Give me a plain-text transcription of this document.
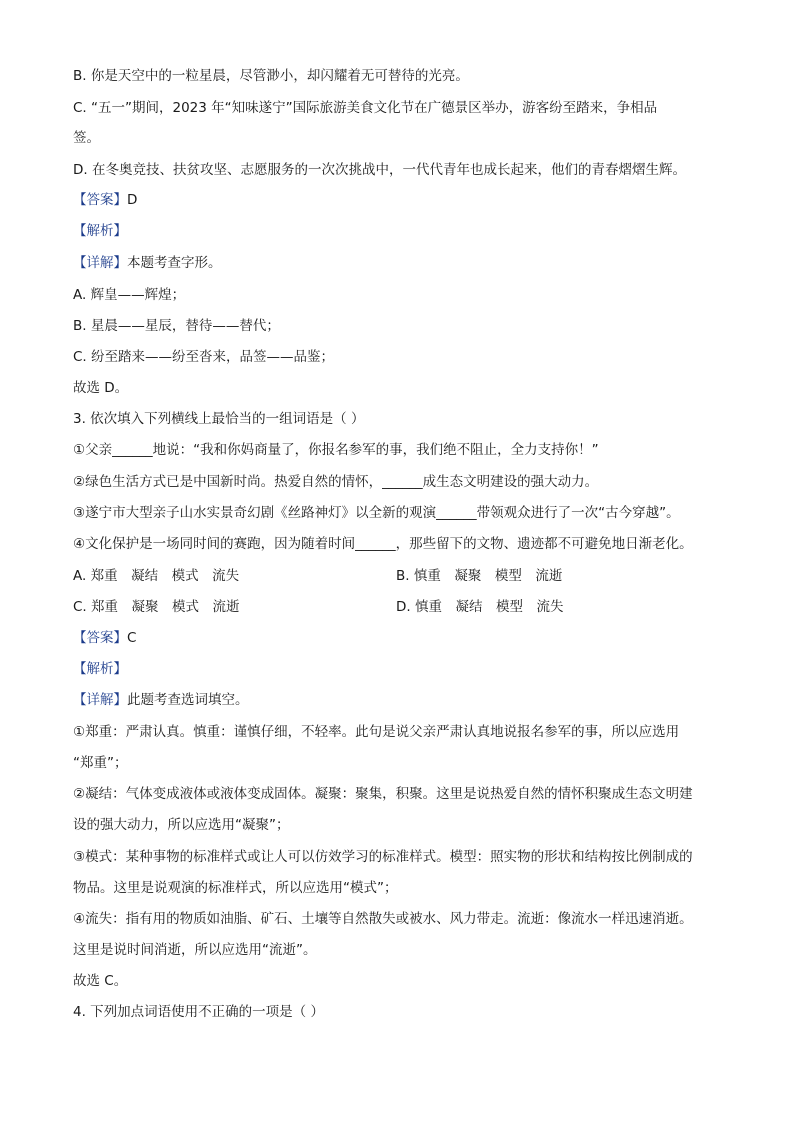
B. 你是天空中的一粒星晨，尽管渺小，却闪耀着无可替待的光亮。
C. “五一”期间，2023 年“知味遂宁”国际旅游美食文化节在广德景区举办，游客纷至踏来，争相品
签。
D. 在冬奥竞技、扶贫攻坚、志愿服务的一次次挑战中，一代代青年也成长起来，他们的青春熠熠生辉。
【答案】D
【解析】
【详解】本题考查字形。
A. 辉皇——辉煌；
B. 星晨——星辰，替待——替代；
C. 纷至踏来——纷至沓来，品签——品鉴；
故选 D。
3. 依次填入下列横线上最恰当的一组词语是（ ）
①父亲______地说：“我和你妈商量了，你报名参军的事，我们绝不阻止，全力支持你！”
②绿色生活方式已是中国新时尚。热爱自然的情怀，______成生态文明建设的强大动力。
③遂宁市大型亲子山水实景奇幻剧《丝路神灯》以全新的观演______带领观众进行了一次“古今穿越”。
④文化保护是一场同时间的赛跑，因为随着时间______，那些留下的文物、遗迹都不可避免地日渐老化。
A. 郑重　凝结　模式　流失	B. 慎重　凝聚　模型　流逝
C. 郑重　凝聚　模式　流逝	D. 慎重　凝结　模型　流失
【答案】C
【解析】
【详解】此题考查选词填空。
①郑重：严肃认真。慎重：谨慎仔细，不轻率。此句是说父亲严肃认真地说报名参军的事，所以应选用
“郑重”；
②凝结：气体变成液体或液体变成固体。凝聚：聚集，积聚。这里是说热爱自然的情怀积聚成生态文明建
设的强大动力，所以应选用“凝聚”；
③模式：某种事物的标准样式或让人可以仿效学习的标准样式。模型：照实物的形状和结构按比例制成的
物品。这里是说观演的标准样式，所以应选用“模式”；
④流失：指有用的物质如油脂、矿石、土壤等自然散失或被水、风力带走。流逝：像流水一样迅速消逝。
这里是说时间消逝，所以应选用“流逝”。
故选 C。
4. 下列加点词语使用不正确的一项是（ ）
